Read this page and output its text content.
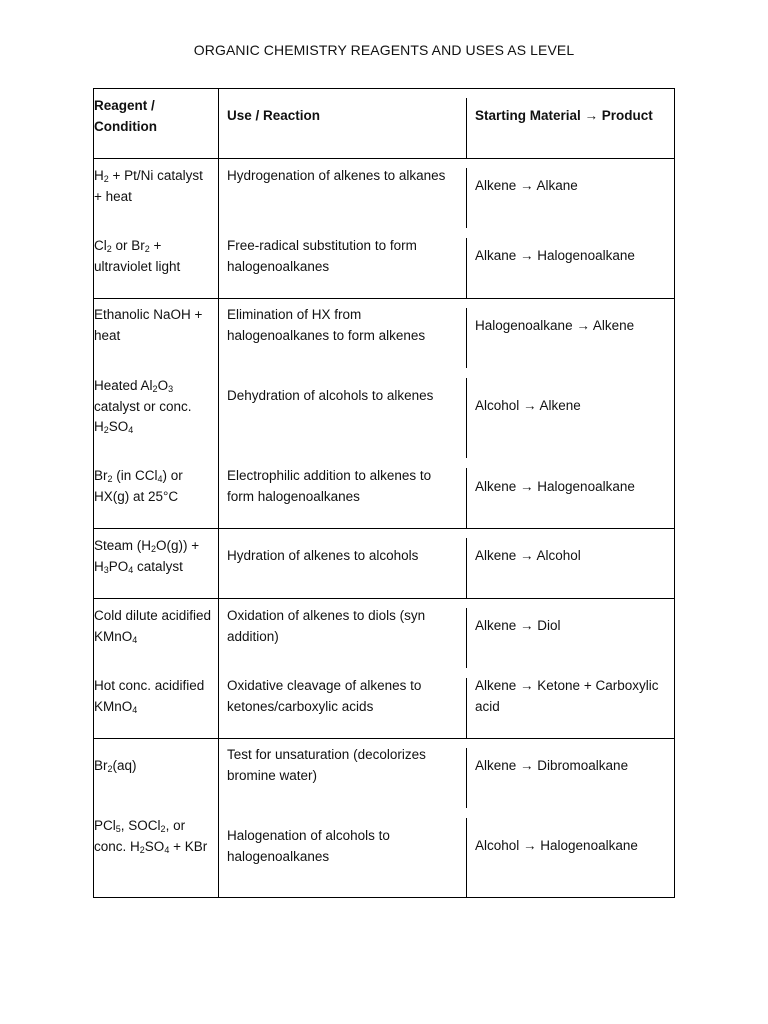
ORGANIC CHEMISTRY REAGENTS AND USES AS LEVEL
Reagent / Condition
Use / Reaction	Starting Material → Product
$H_2 + Pt/Ni$ catalyst + heat
Hydrogenation of alkenes to alkanes
Alkene → Alkane
$Cl_2$ or $Br_2$ + ultraviolet light
Free-radical substitution to form halogenoalkanes
Alkane → Halogenoalkane
Ethanolic NaOH + heat
Elimination of HX from halogenoalkanes to form alkenes
Halogenoalkane → Alkene
Heated $Al_2O_3$ catalyst or conc. $H_2SO_4$
Dehydration of alcohols to alkenes
Alcohol → Alkene
$Br_2$ (in CCl$_4$) or HX(g) at 25°C
Electrophilic addition to alkenes to form halogenoalkanes
Alkene → Halogenoalkane
Steam $(H_2O(g)) + H_3PO_4$ catalyst
Hydration of alkenes to alcohols	Alkene → Alcohol
Cold dilute acidified KMnO$_4$
Oxidation of alkenes to diols (syn addition)
Alkene → Diol
Hot conc. acidified KMnO$_4$
Oxidative cleavage of alkenes to ketones/carboxylic acids
Alkene → Ketone + Carboxylic acid
$Br_2(aq)$
Test for unsaturation (decolorizes bromine water)
Alkene → Dibromoalkane
PCl$_5$, SOCl$_2$, or conc. $H_2SO_4$ + KBr
Halogenation of alcohols to halogenoalkanes
Alcohol → Halogenoalkane
